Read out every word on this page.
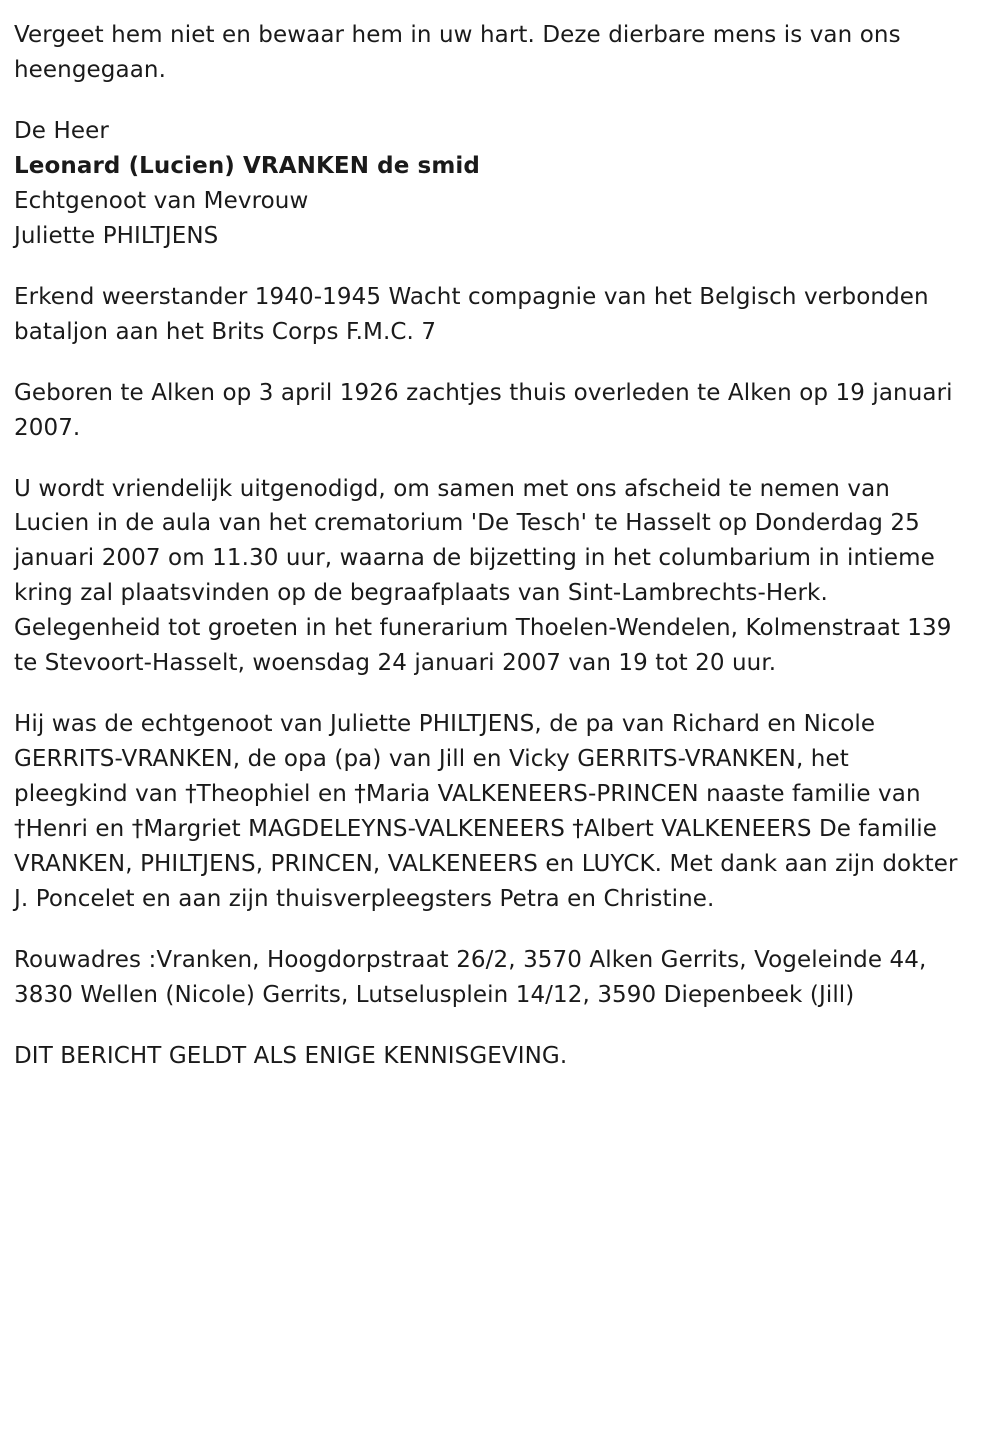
Vergeet hem niet en bewaar hem in uw hart. Deze dierbare mens is van ons heengegaan.

De Heer
Leonard (Lucien) VRANKEN de smid
Echtgenoot van Mevrouw
Juliette PHILTJENS

Erkend weerstander 1940-1945 Wacht compagnie van het Belgisch verbonden bataljon aan het Brits Corps F.M.C. 7

Geboren te Alken op 3 april 1926 zachtjes thuis overleden te Alken op 19 januari 2007.

U wordt vriendelijk uitgenodigd, om samen met ons afscheid te nemen van Lucien in de aula van het crematorium 'De Tesch' te Hasselt op Donderdag 25 januari 2007 om 11.30 uur, waarna de bijzetting in het columbarium in intieme kring zal plaatsvinden op de begraafplaats van Sint-Lambrechts-Herk. Gelegenheid tot groeten in het funerarium Thoelen-Wendelen, Kolmenstraat 139 te Stevoort-Hasselt, woensdag 24 januari 2007 van 19 tot 20 uur.

Hij was de echtgenoot van Juliette PHILTJENS, de pa van Richard en Nicole GERRITS-VRANKEN, de opa (pa) van Jill en Vicky GERRITS-VRANKEN, het pleegkind van †Theophiel en †Maria VALKENEERS-PRINCEN naaste familie van †Henri en †Margriet MAGDELEYNS-VALKENEERS †Albert VALKENEERS De familie VRANKEN, PHILTJENS, PRINCEN, VALKENEERS en LUYCK. Met dank aan zijn dokter J. Poncelet en aan zijn thuisverpleegsters Petra en Christine.

Rouwadres :Vranken, Hoogdorpstraat 26/2, 3570 Alken Gerrits, Vogeleinde 44, 3830 Wellen (Nicole) Gerrits, Lutselusplein 14/12, 3590 Diepenbeek (Jill)

DIT BERICHT GELDT ALS ENIGE KENNISGEVING.
